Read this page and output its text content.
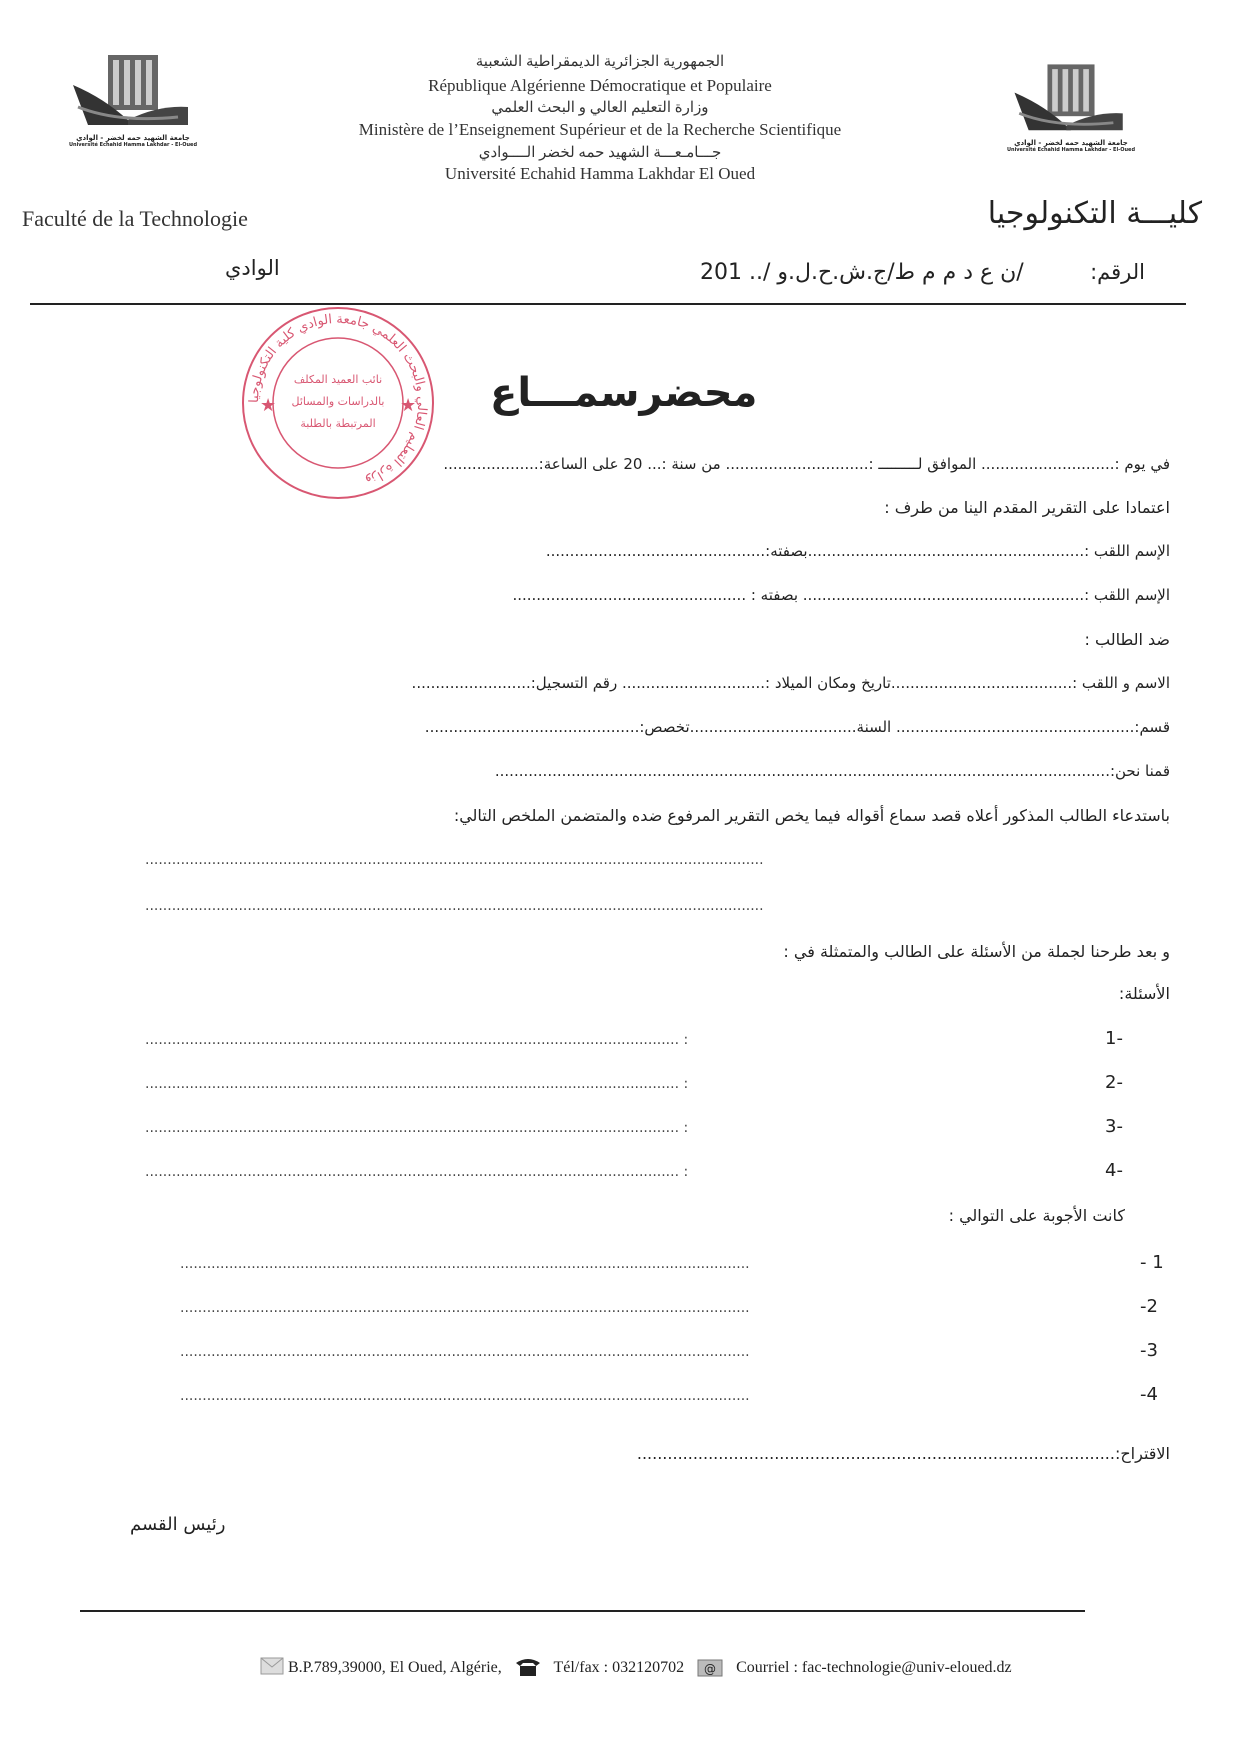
جامعة الشهيد حمه لخضر - الوادي
Université Echahid Hamma Lakhdar - El-Oued	جامعة الشهيد حمه لخضر - الوادي
Université Echahid Hamma Lakhdar - El-Oued
الجمهورية الجزائرية الديمقراطية الشعبية
République Algérienne Démocratique et Populaire
وزارة التعليم العالي و البحث العلمي
Ministère de l’Enseignement Supérieur et de la Recherche Scientifique
جـــامـعـــة الشهيد حمه لخضر الــــوادي
Université Echahid Hamma Lakhdar El Oued
Faculté de la Technologie	كليـــة التكنولوجيا
الوادي	/ن ع د م م ط/ج.ش.ح.ل.و /.. 201	الرقم:
★	★
وزارة التعليم العالي والبحث العلمي جامعة الوادي كلية التكنولوجيا
نائب العميد المكلف
بالدراسات والمسائل
المرتبطة بالطلبة
محضرسمـــاع
في يوم :............................ الموافق لـــــــــ :.............................. من سنة :... 20 على الساعة:....................
اعتمادا على التقرير المقدم الينا من طرف :
الإسم اللقب :..........................................................بصفته:..............................................
الإسم اللقب :........................................................... بصفته : .................................................
ضد الطالب :
الاسم و اللقب :......................................تاريخ ومكان الميلاد :.............................. رقم التسجيل:.........................
قسم:.................................................. السنة...................................تخصص:.............................................
قمنا نحن:.................................................................................................................................
باستدعاء الطالب المذكور أعلاه قصد سماع أقواله فيما يخص التقرير المرفوع ضده والمتضمن الملخص التالي:
...........................................................................................................................................
...........................................................................................................................................
و بعد طرحنا لجملة من الأسئلة على الطالب والمتمثلة في :
الأسئلة:
........................................................................................................................ :	1-
........................................................................................................................ :	2-
........................................................................................................................ :	3-
........................................................................................................................ :	4-
كانت الأجوبة على التوالي :
................................................................................................................................	1 -
................................................................................................................................	2-
................................................................................................................................	3-
................................................................................................................................	4-
الاقتراح:..............................................................................................
رئيس القسم
B.P.789,39000, El Oued, Algérie,	Tél/fax : 032120702 @ Courriel : fac-technologie@univ-eloued.dz
